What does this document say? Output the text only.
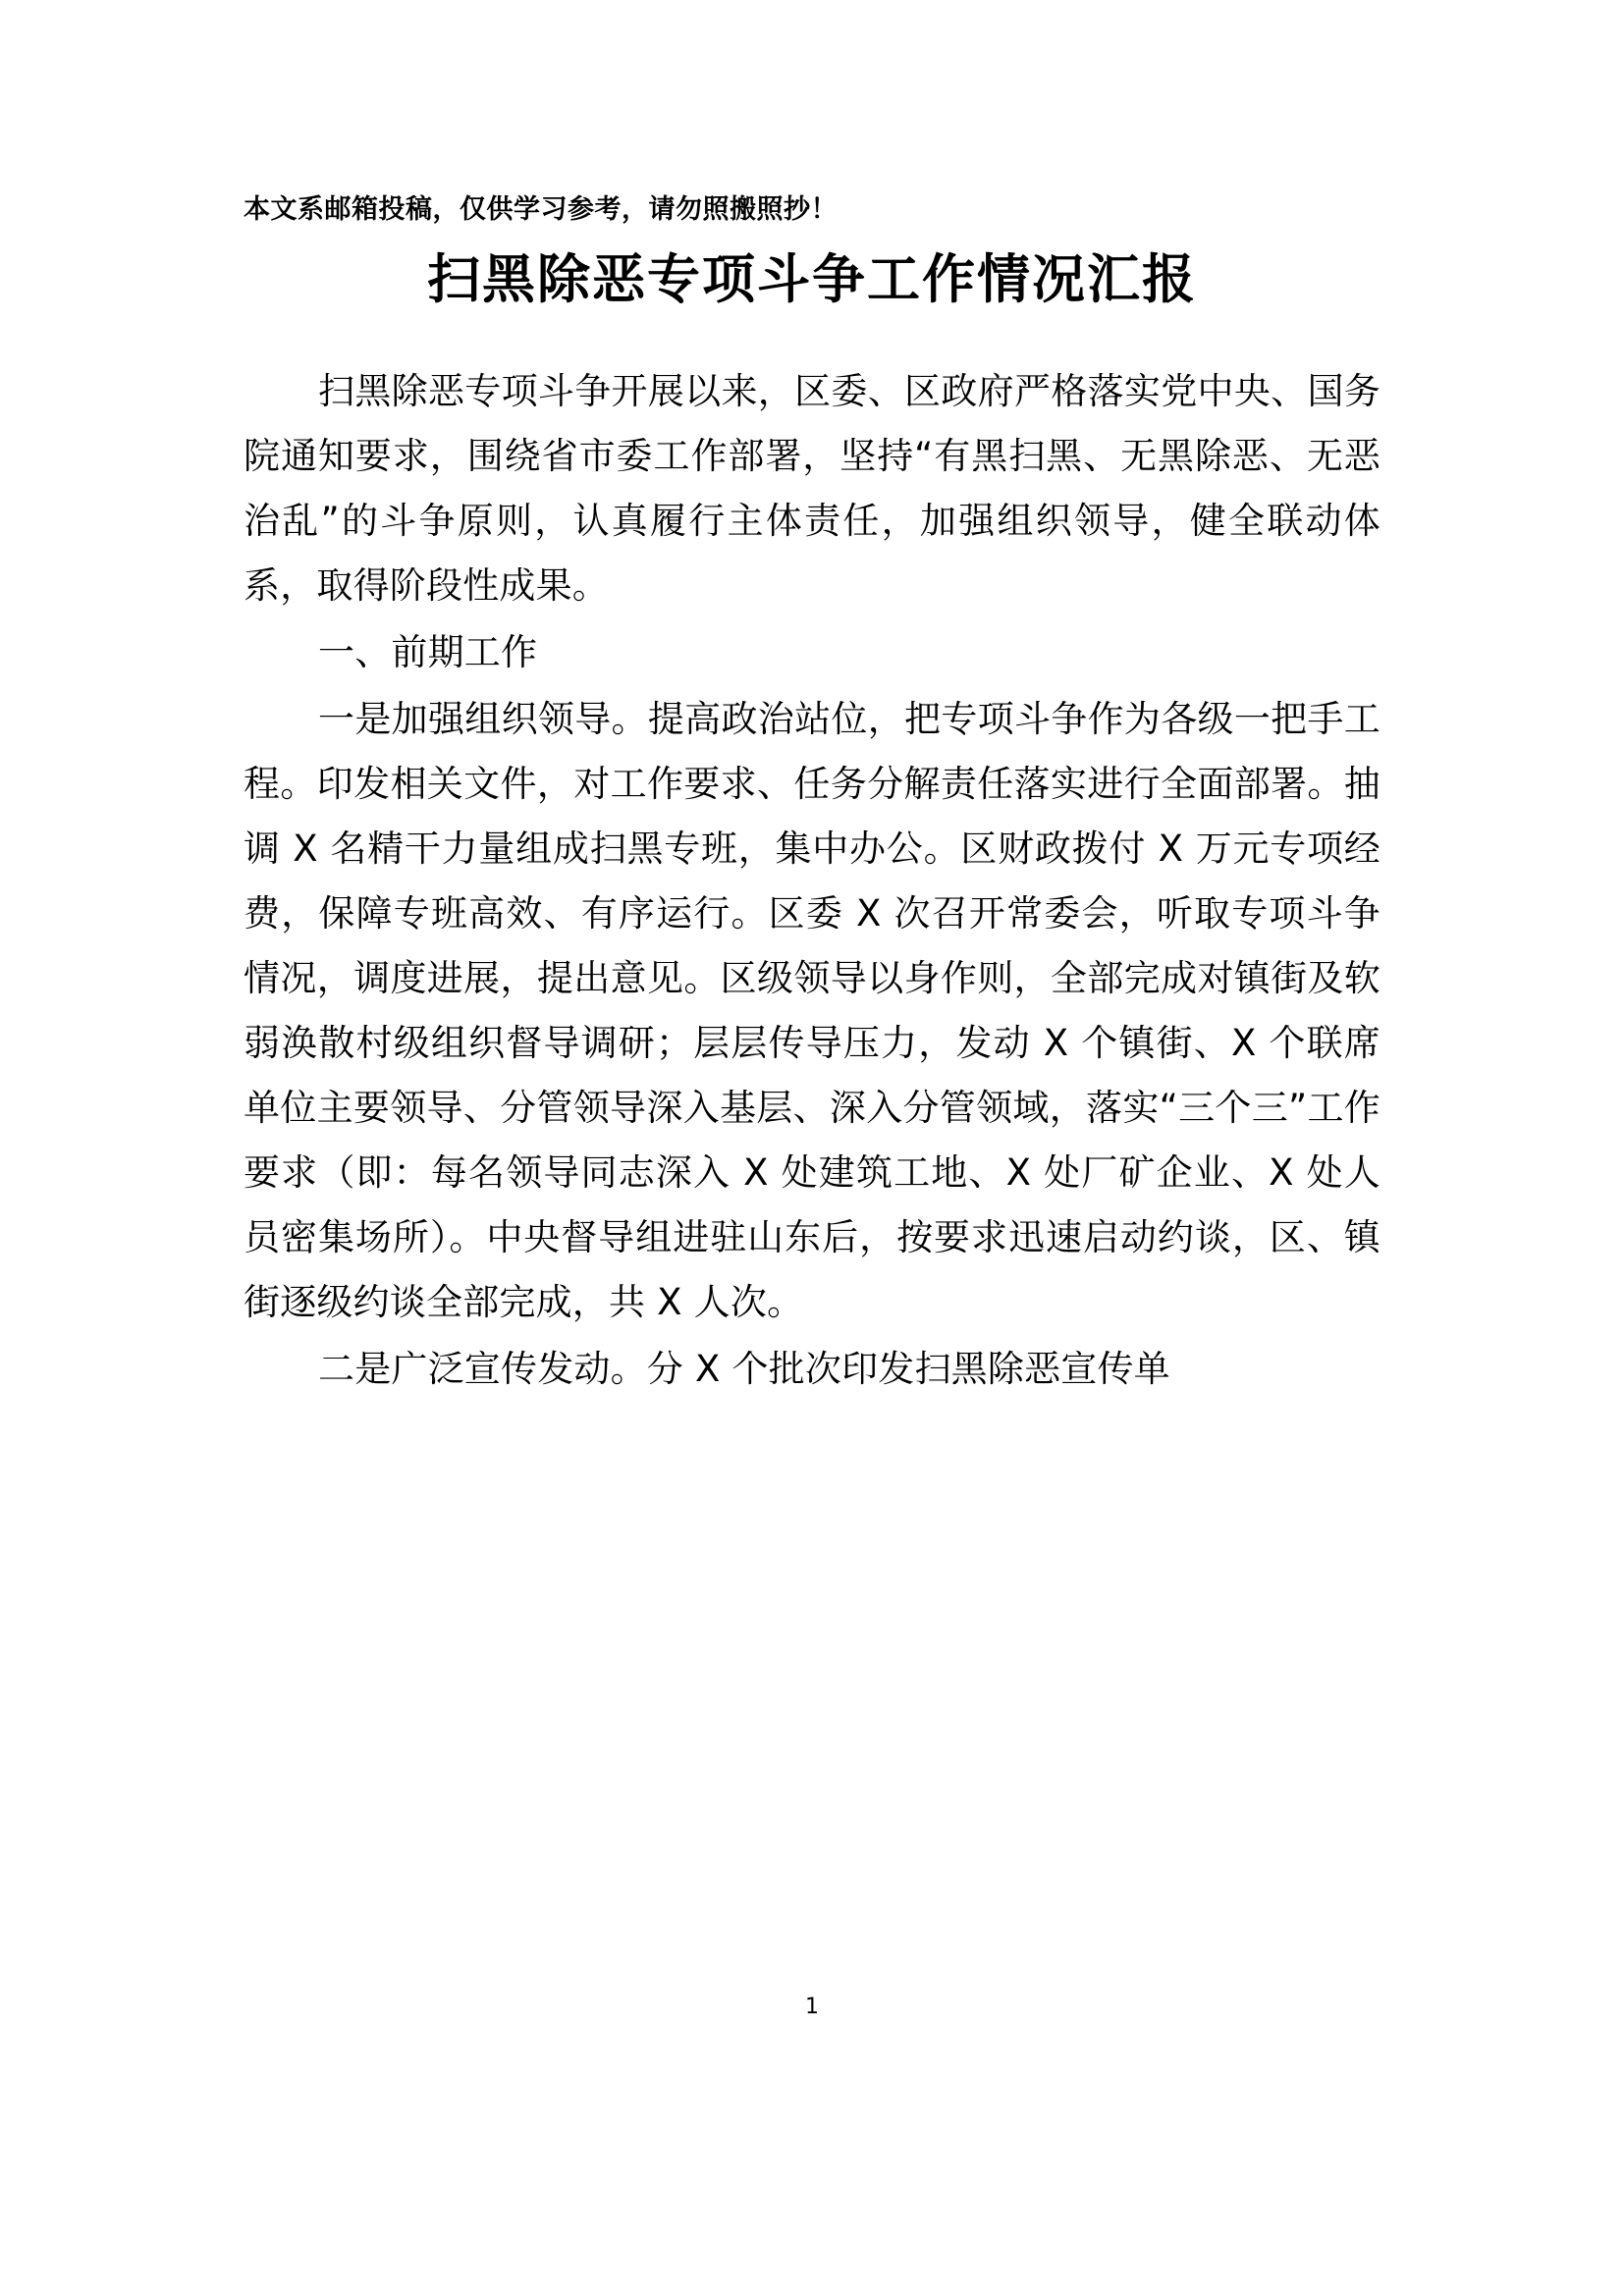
本文系邮箱投稿，仅供学习参考，请勿照搬照抄！
扫黑除恶专项斗争工作情况汇报

扫黑除恶专项斗争开展以来，区委、区政府严格落实党中央、国务院通知要求，围绕省市委工作部署，坚持“有黑扫黑、无黑除恶、无恶治乱”的斗争原则，认真履行主体责任，加强组织领导，健全联动体系，取得阶段性成果。

一、前期工作

一是加强组织领导。提高政治站位，把专项斗争作为各级一把手工程。印发相关文件，对工作要求、任务分解责任落实进行全面部署。抽调 X 名精干力量组成扫黑专班，集中办公。区财政拨付 X 万元专项经费，保障专班高效、有序运行。区委 X 次召开常委会，听取专项斗争情况，调度进展，提出意见。区级领导以身作则，全部完成对镇街及软弱涣散村级组织督导调研；层层传导压力，发动 X 个镇街、X 个联席单位主要领导、分管领导深入基层、深入分管领域，落实“三个三”工作要求（即：每名领导同志深入 X 处建筑工地、X 处厂矿企业、X 处人员密集场所）。中央督导组进驻山东后，按要求迅速启动约谈，区、镇街逐级约谈全部完成，共 X 人次。

二是广泛宣传发动。分 X 个批次印发扫黑除恶宣传单

1
